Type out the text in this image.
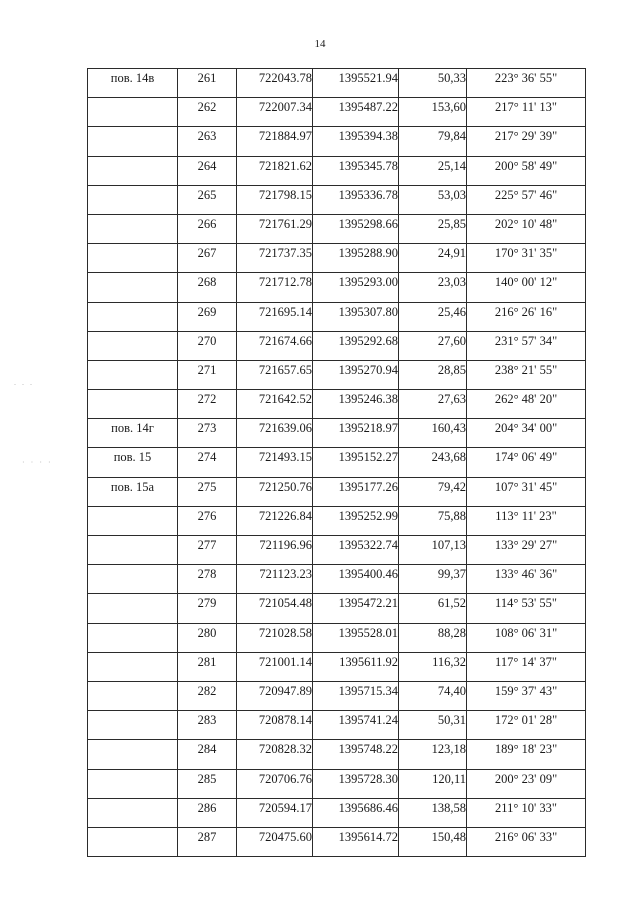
14
. . .
· · · ·
пов. 14в	261	722043.78	1395521.94	50,33	223° 36' 55"
	262	722007.34	1395487.22	153,60	217° 11' 13"
	263	721884.97	1395394.38	79,84	217° 29' 39"
	264	721821.62	1395345.78	25,14	200° 58' 49"
	265	721798.15	1395336.78	53,03	225° 57' 46"
	266	721761.29	1395298.66	25,85	202° 10' 48"
	267	721737.35	1395288.90	24,91	170° 31' 35"
	268	721712.78	1395293.00	23,03	140° 00' 12"
	269	721695.14	1395307.80	25,46	216° 26' 16"
	270	721674.66	1395292.68	27,60	231° 57' 34"
	271	721657.65	1395270.94	28,85	238° 21' 55"
	272	721642.52	1395246.38	27,63	262° 48' 20"
пов. 14г	273	721639.06	1395218.97	160,43	204° 34' 00"
пов. 15	274	721493.15	1395152.27	243,68	174° 06' 49"
пов. 15а	275	721250.76	1395177.26	79,42	107° 31' 45"
	276	721226.84	1395252.99	75,88	113° 11' 23"
	277	721196.96	1395322.74	107,13	133° 29' 27"
	278	721123.23	1395400.46	99,37	133° 46' 36"
	279	721054.48	1395472.21	61,52	114° 53' 55"
	280	721028.58	1395528.01	88,28	108° 06' 31"
	281	721001.14	1395611.92	116,32	117° 14' 37"
	282	720947.89	1395715.34	74,40	159° 37' 43"
	283	720878.14	1395741.24	50,31	172° 01' 28"
	284	720828.32	1395748.22	123,18	189° 18' 23"
	285	720706.76	1395728.30	120,11	200° 23' 09"
	286	720594.17	1395686.46	138,58	211° 10' 33"
	287	720475.60	1395614.72	150,48	216° 06' 33"
